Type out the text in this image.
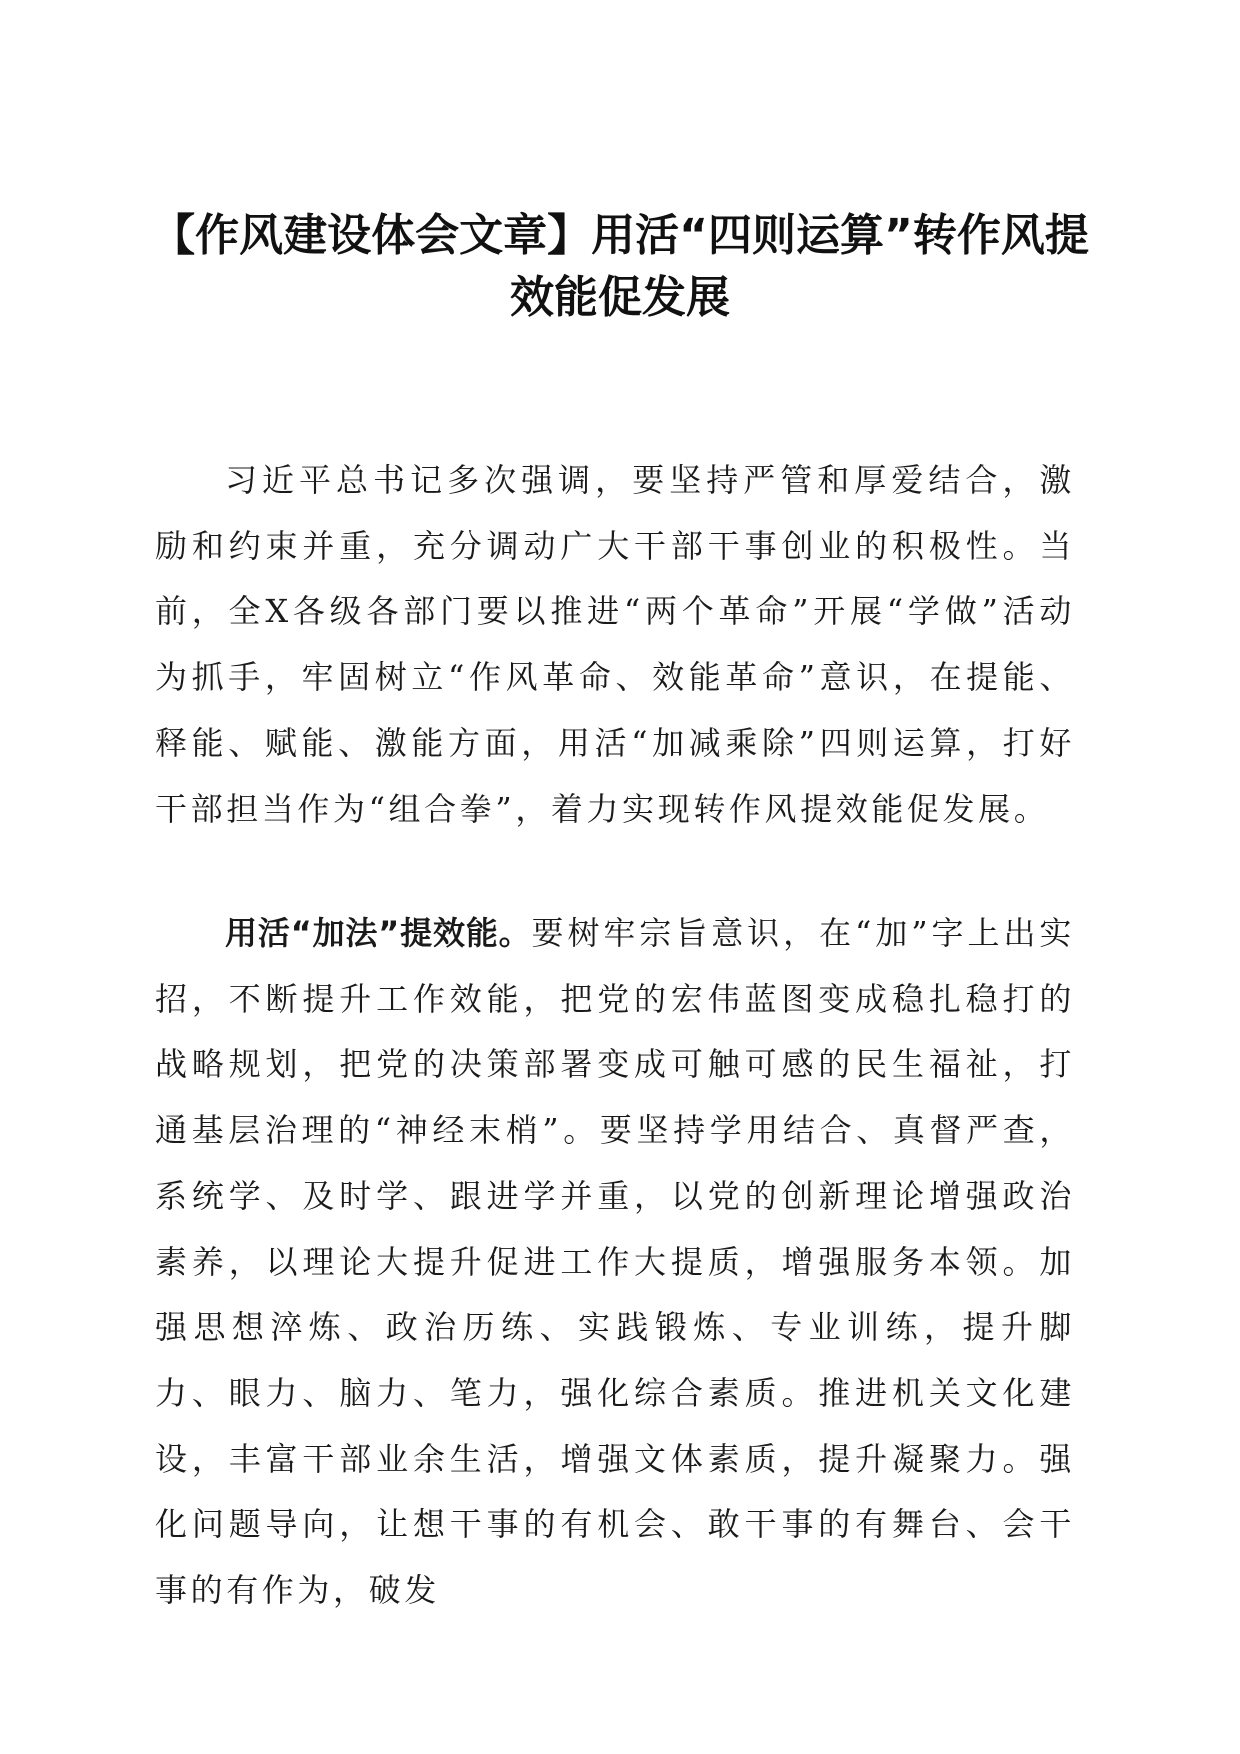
【作风建设体会文章】用活“四则运算”转作风提效能促发展

习近平总书记多次强调，要坚持严管和厚爱结合，激励和约束并重，充分调动广大干部干事创业的积极性。当前，全X各级各部门要以推进“两个革命”开展“学做”活动为抓手，牢固树立“作风革命、效能革命”意识，在提能、释能、赋能、激能方面，用活“加减乘除”四则运算，打好干部担当作为“组合拳”，着力实现转作风提效能促发展。

用活“加法”提效能。要树牢宗旨意识，在“加”字上出实招，不断提升工作效能，把党的宏伟蓝图变成稳扎稳打的战略规划，把党的决策部署变成可触可感的民生福祉，打通基层治理的“神经末梢”。要坚持学用结合、真督严查，系统学、及时学、跟进学并重，以党的创新理论增强政治素养，以理论大提升促进工作大提质，增强服务本领。加强思想淬炼、政治历练、实践锻炼、专业训练，提升脚力、眼力、脑力、笔力，强化综合素质。推进机关文化建设，丰富干部业余生活，增强文体素质，提升凝聚力。强化问题导向，让想干事的有机会、敢干事的有舞台、会干事的有作为，破发
